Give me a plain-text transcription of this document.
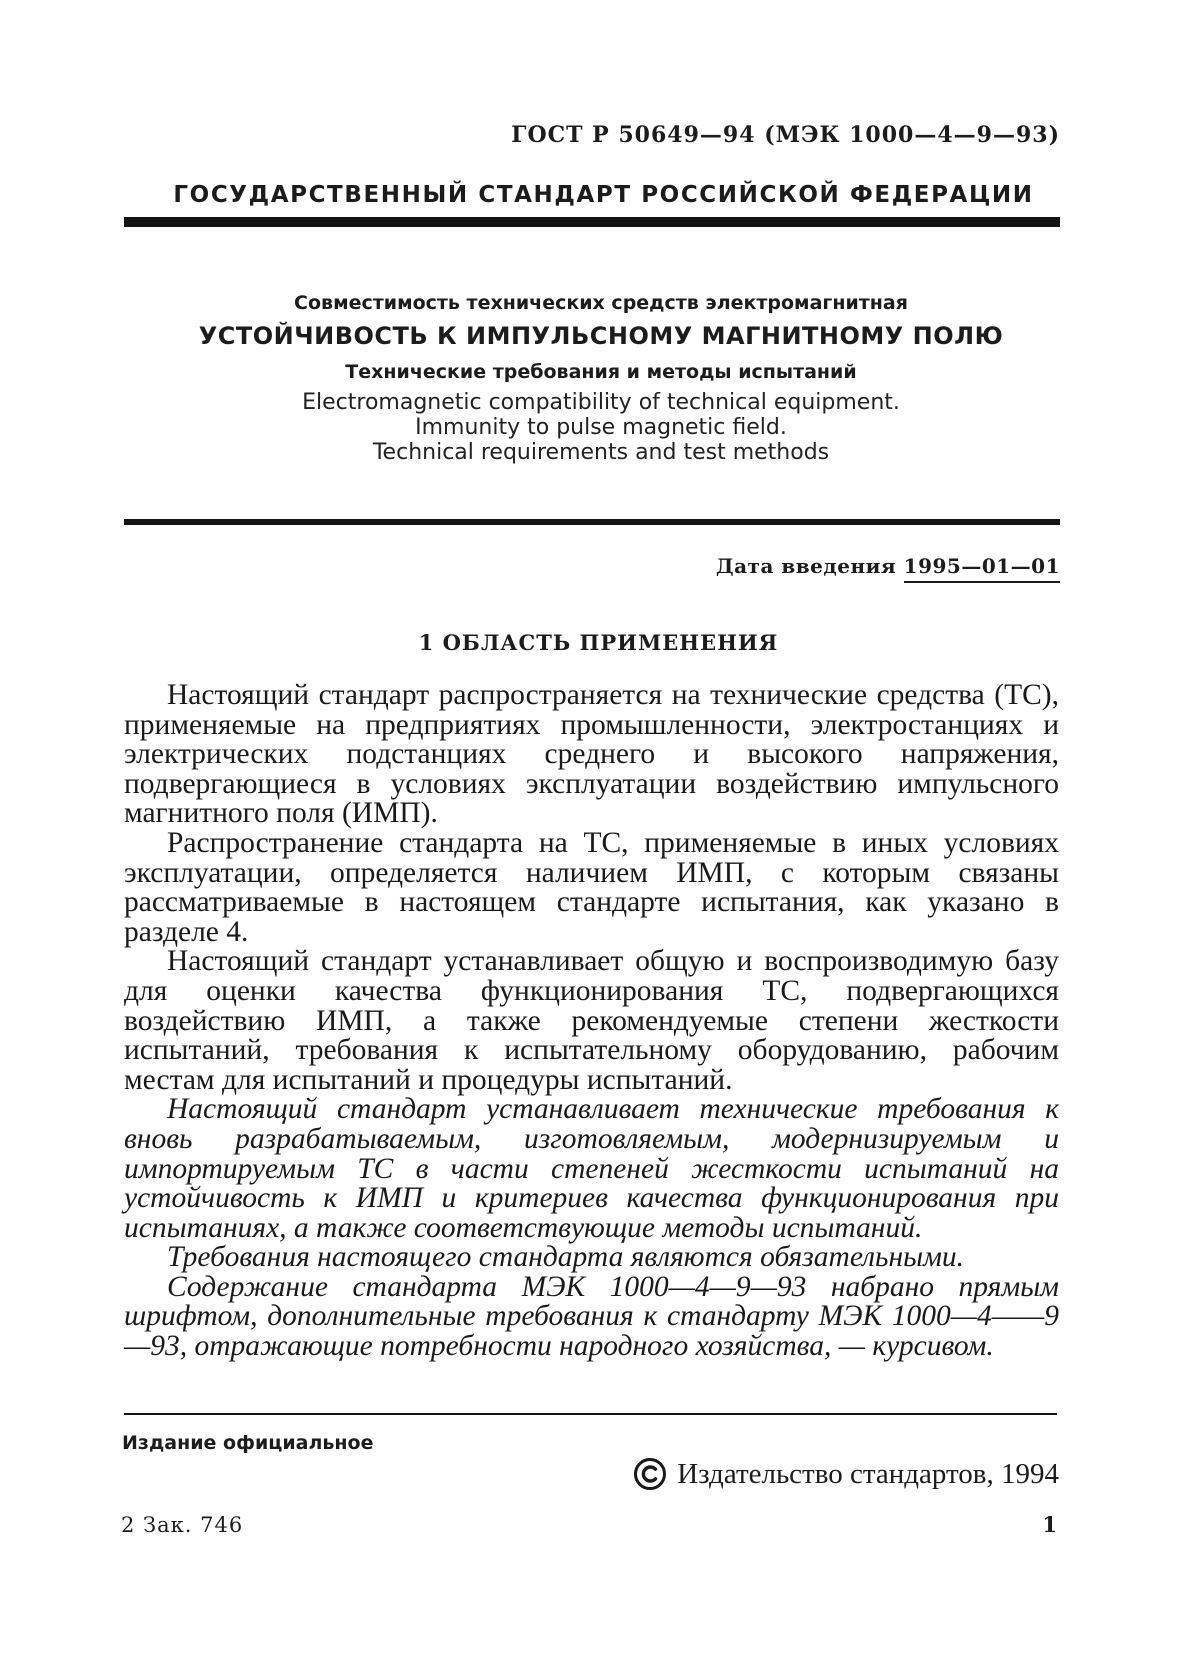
ГОСТ Р 50649—94 (МЭК 1000—4—9—93)
ГОСУДАРСТВЕННЫЙ СТАНДАРТ РОССИЙСКОЙ ФЕДЕРАЦИИ
Совместимость технических средств электромагнитная
УСТОЙЧИВОСТЬ К ИМПУЛЬСНОМУ МАГНИТНОМУ ПОЛЮ
Технические требования и методы испытаний
Electromagnetic compatibility of technical equipment.
Immunity to pulse magnetic field.
Technical requirements and test methods
Дата введения 1995—01—01
1 ОБЛАСТЬ ПРИМЕНЕНИЯ

Настоящий стандарт распространяется на технические средства (ТС), применяемые на предприятиях промышленности, электростанциях и электрических подстанциях среднего и высокого напряжения, подвергающиеся в условиях эксплуатации воздействию импульсного магнитного поля (ИМП).

Распространение стандарта на ТС, применяемые в иных условиях эксплуатации, определяется наличием ИМП, с которым связаны рассматриваемые в настоящем стандарте испытания, как указано в разделе 4.

Настоящий стандарт устанавливает общую и воспроизводимую базу для оценки качества функционирования ТС, подвергающихся воздействию ИМП, а также рекомендуемые степени жесткости испытаний, требования к испытательному оборудованию, рабочим местам для испытаний и процедуры испытаний.

Настоящий стандарт устанавливает технические требования к вновь разрабатываемым, изготовляемым, модернизируемым и импортируемым ТС в части степеней жесткости испытаний на устойчивость к ИМП и критериев качества функционирования при испытаниях, а также соответствующие методы испытаний.

Требования настоящего стандарта являются обязательными.

Содержание стандарта МЭК 1000—4—9—93 набрано прямым шрифтом, дополнительные требования к стандарту МЭК 1000—4——9—93, отражающие потребности народного хозяйства, — курсивом.

Издание официальное
Издательство стандартов, 1994
2 Зак. 746	1
